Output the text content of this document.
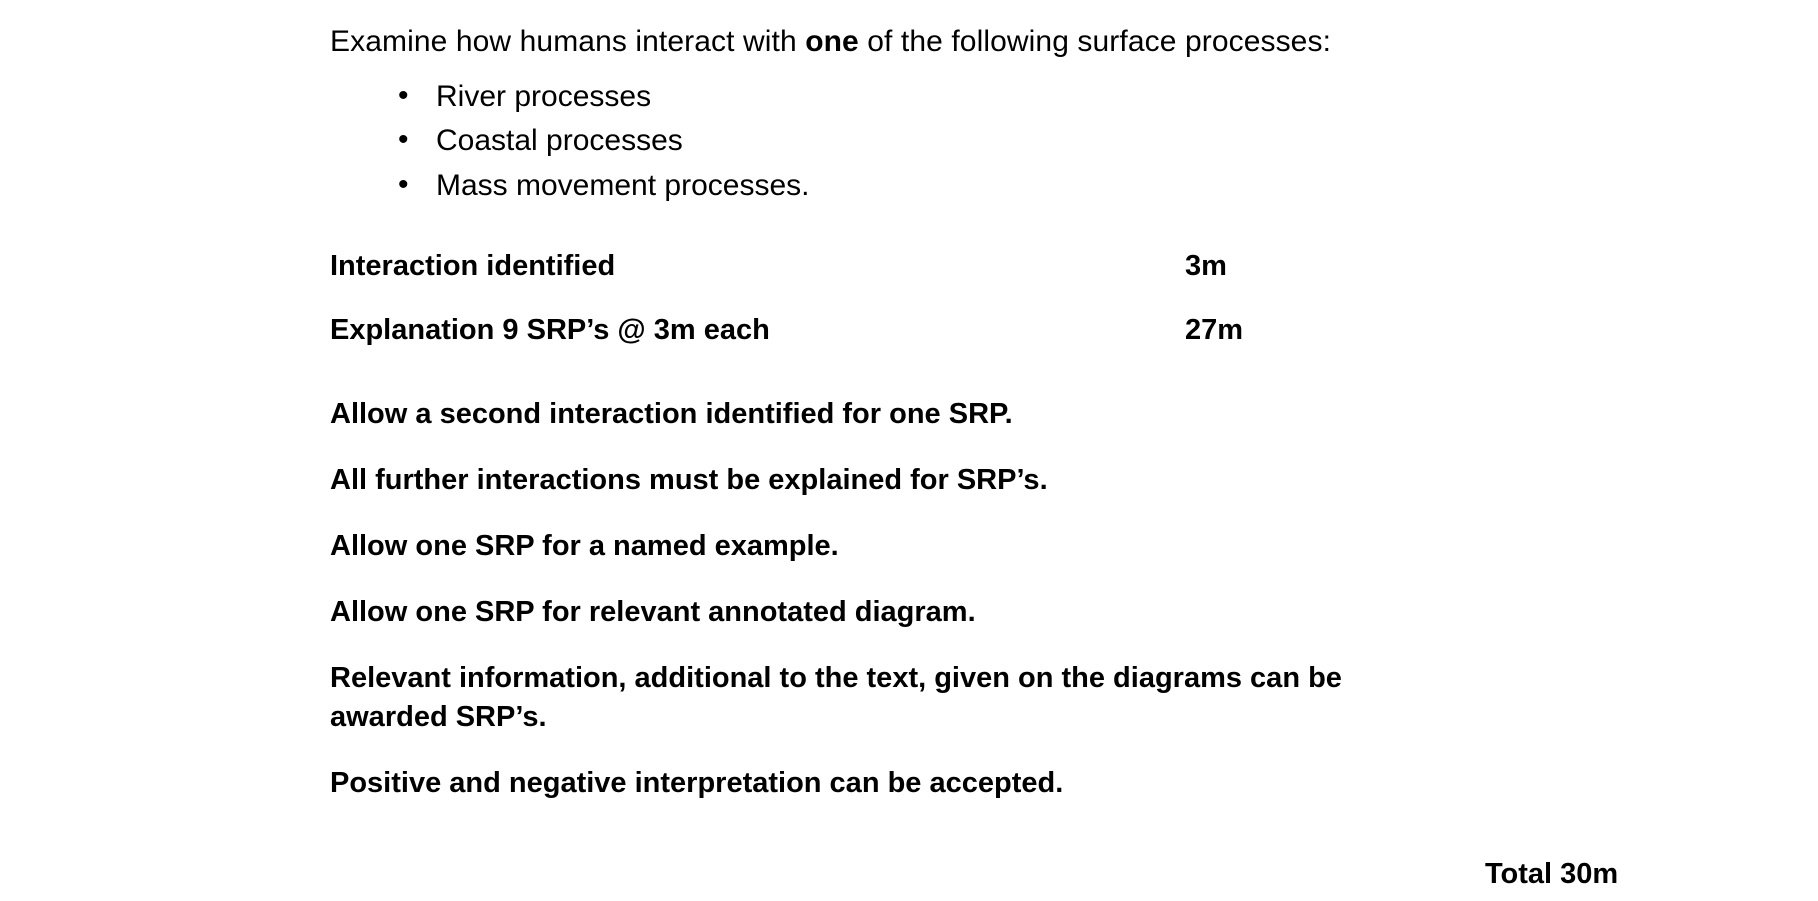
Examine how humans interact with one of the following surface processes:

• River processes
• Coastal processes
• Mass movement processes.
Interaction identified	3m
Explanation 9 SRP’s @ 3m each	27m

Allow a second interaction identified for one SRP.

All further interactions must be explained for SRP’s.

Allow one SRP for a named example.

Allow one SRP for relevant annotated diagram.

Relevant information, additional to the text, given on the diagrams can be awarded SRP’s.

Positive and negative interpretation can be accepted.

Total 30m
